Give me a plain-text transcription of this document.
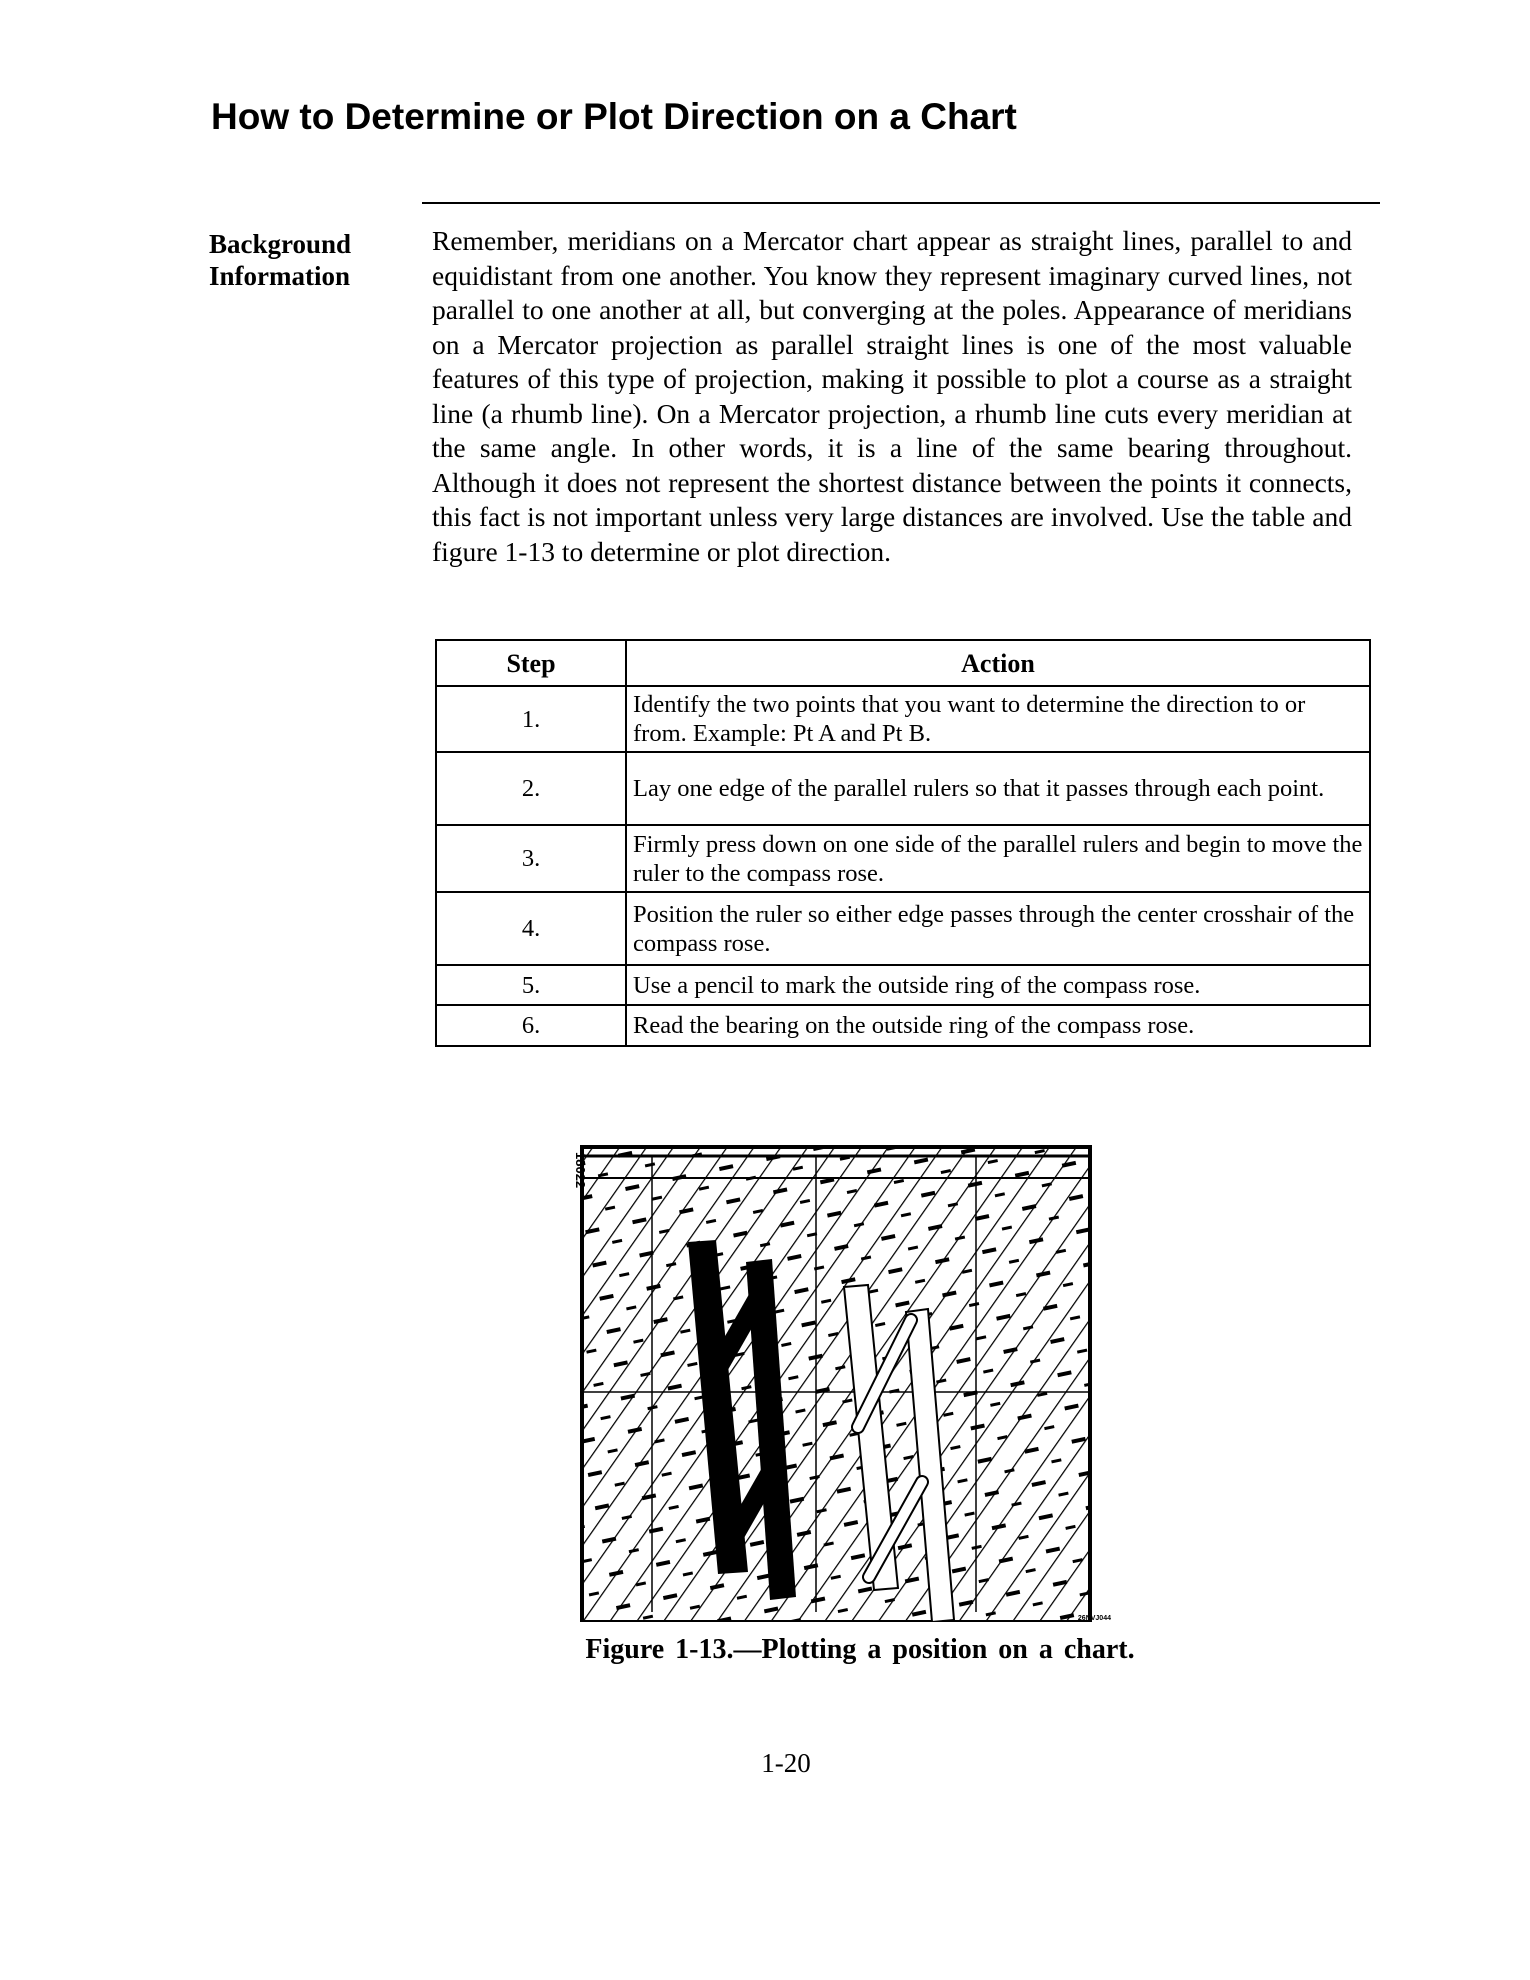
How to Determine or Plot Direction on a Chart
Background
Information
Remember, meridians on a Mercator chart appear as straight lines, parallel to and equidistant from one another. You know they represent imaginary curved lines, not parallel to one another at all, but converging at the poles. Appearance of meridians on a Mercator projection as parallel straight lines is one of the most valuable features of this type of projection, making it possible to plot a course as a straight line (a rhumb line). On a Mercator projection, a rhumb line cuts every meridian at the same angle. In other words, it is a line of the same bearing throughout. Although it does not represent the shortest distance between the points it connects, this fact is not important unless very large distances are involved. Use the table and figure 1-13 to determine or plot direction.
Step	Action
1.	Identify the two points that you want to determine the direction to or from. Example: Pt A and Pt B.
2.	Lay one edge of the parallel rulers so that it passes through each point.
3.	Firmly press down on one side of the parallel rulers and begin to move the ruler to the compass rose.
4.	Position the ruler so either edge passes through the center crosshair of the compass rose.
5.	Use a pencil to mark the outside ring of the compass rose.
6.	Read the bearing on the outside ring of the compass rose.
18022
26NVJ044
Figure 1-13.—Plotting a position on a chart.
1-20
